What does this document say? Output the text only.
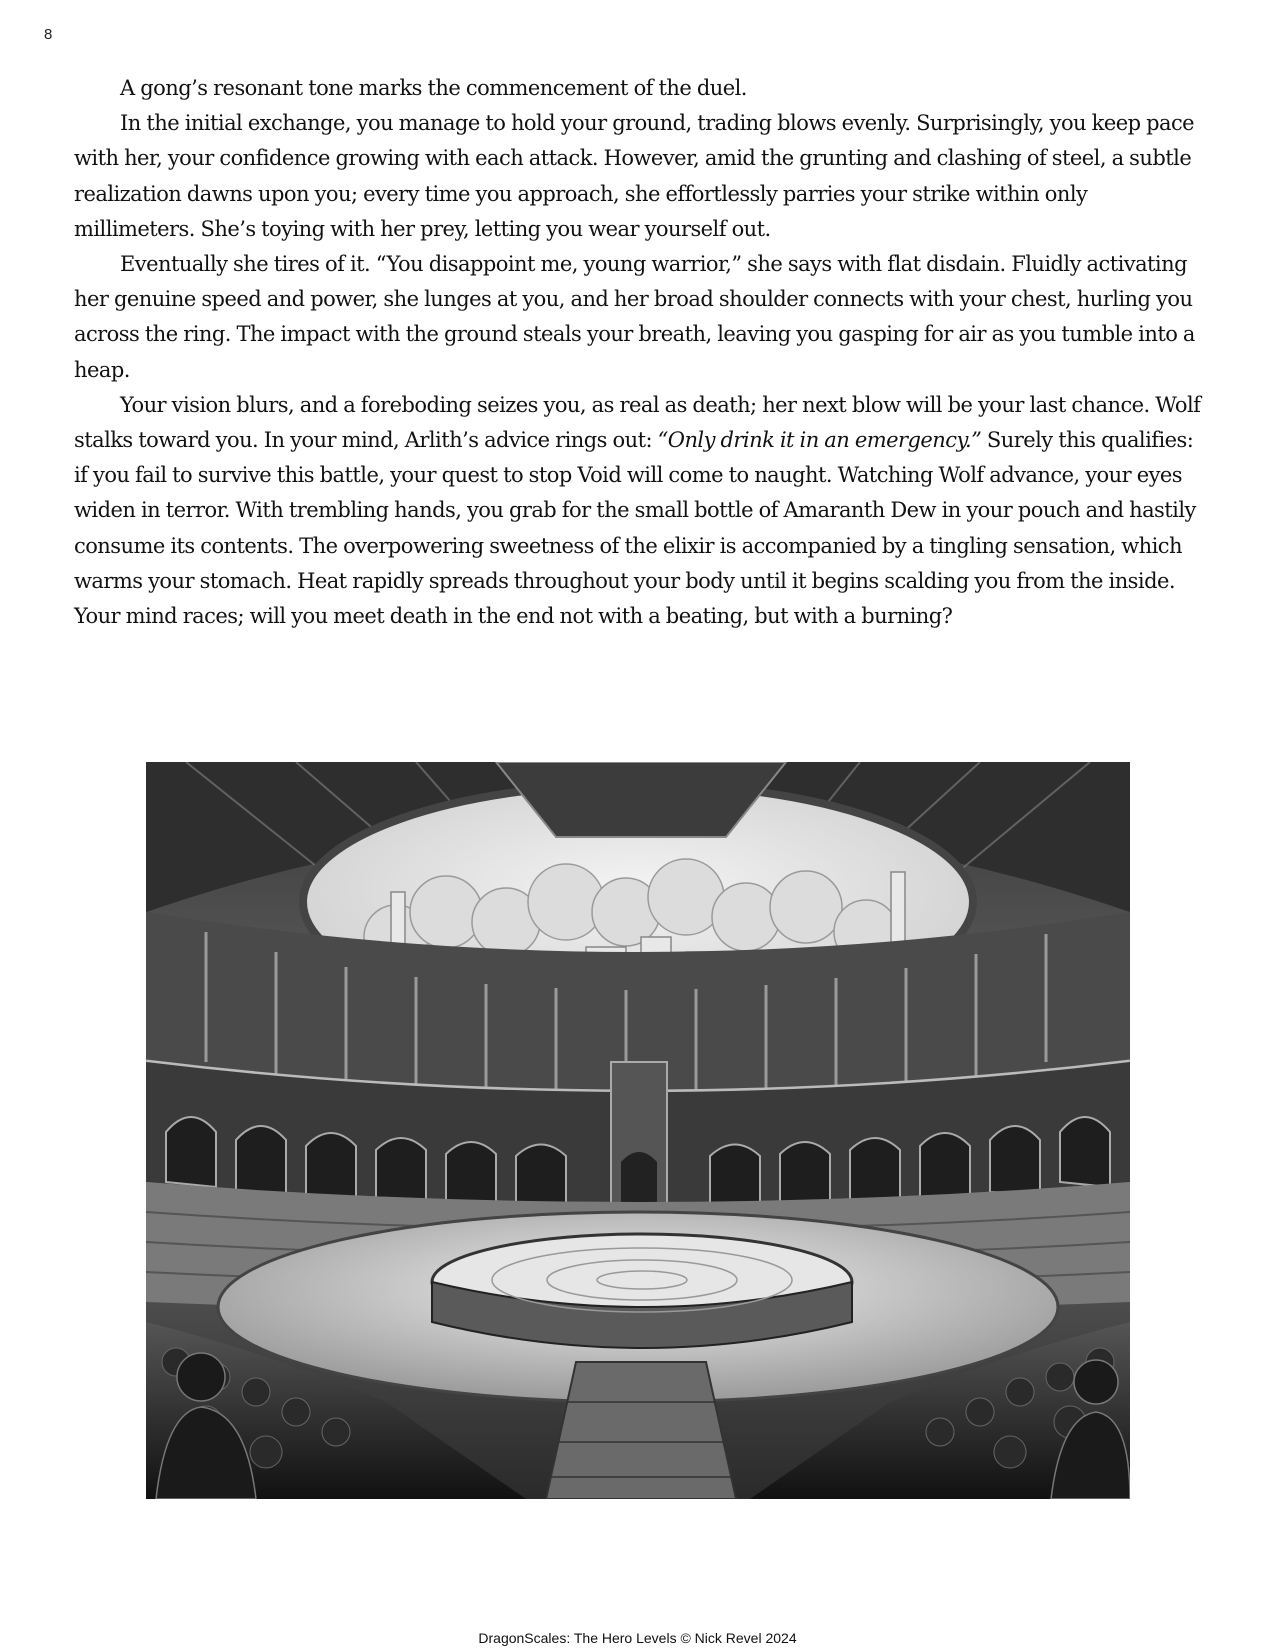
8

A gong’s resonant tone marks the commencement of the duel.

In the initial exchange, you manage to hold your ground, trading blows evenly. Surprisingly, you keep pace with her, your confidence growing with each attack. However, amid the grunting and clashing of steel, a subtle realization dawns upon you; every time you approach, she effortlessly parries your strike within only millimeters. She’s toying with her prey, letting you wear yourself out.

Eventually she tires of it. “You disappoint me, young warrior,” she says with flat disdain. Fluidly activating her genuine speed and power, she lunges at you, and her broad shoulder connects with your chest, hurling you across the ring. The impact with the ground steals your breath, leaving you gasping for air as you tumble into a heap.

Your vision blurs, and a foreboding seizes you, as real as death; her next blow will be your last chance. Wolf stalks toward you. In your mind, Arlith’s advice rings out: “Only drink it in an emergency.” Surely this qualifies: if you fail to survive this battle, your quest to stop Void will come to naught. Watching Wolf advance, your eyes widen in terror. With trembling hands, you grab for the small bottle of Amaranth Dew in your pouch and hastily consume its contents. The overpowering sweetness of the elixir is accompanied by a tingling sensation, which warms your stomach. Heat rapidly spreads throughout your body until it begins scalding you from the inside. Your mind races; will you meet death in the end not with a beating, but with a burning?

DragonScales: The Hero Levels © Nick Revel 2024
